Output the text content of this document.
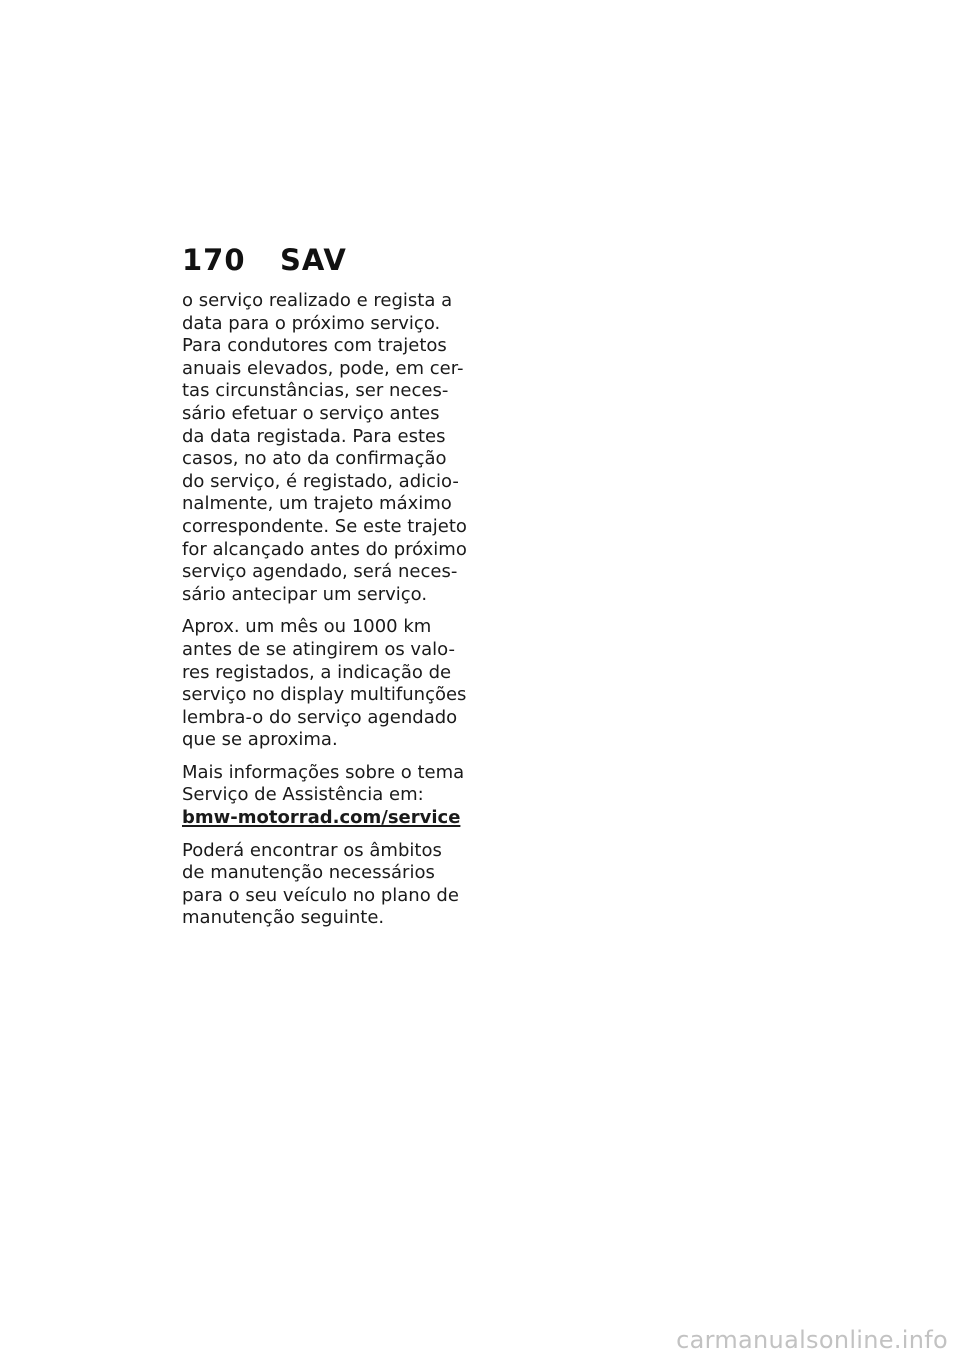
170	SAV

o serviço realizado e regista a
data para o próximo serviço.
Para condutores com trajetos
anuais elevados, pode, em cer-
tas circunstâncias, ser neces-
sário efetuar o serviço antes
da data registada. Para estes
casos, no ato da confirmação
do serviço, é registado, adicio-
nalmente, um trajeto máximo
correspondente. Se este trajeto
for alcançado antes do próximo
serviço agendado, será neces-
sário antecipar um serviço.

Aprox. um mês ou 1000 km
antes de se atingirem os valo-
res registados, a indicação de
serviço no display multifunções
lembra-o do serviço agendado
que se aproxima.

Mais informações sobre o tema
Serviço de Assistência em:
bmw-motorrad.com/service

Poderá encontrar os âmbitos
de manutenção necessários
para o seu veículo no plano de
manutenção seguinte.

carmanualsonline.info
